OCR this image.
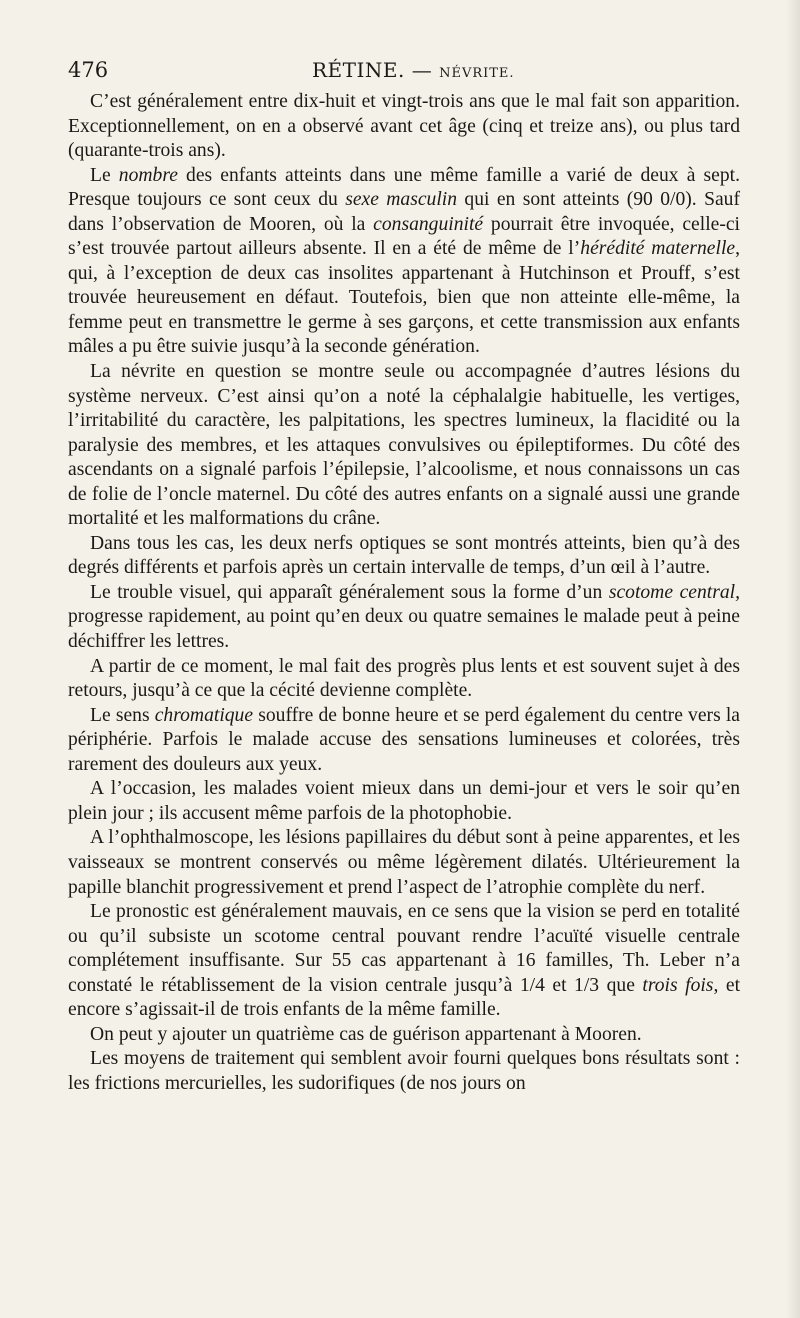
476	RÉTINE. — NÉVRITE.

C’est généralement entre dix-huit et vingt-trois ans que le mal fait son apparition. Exceptionnellement, on en a observé avant cet âge (cinq et treize ans), ou plus tard (quarante-trois ans).

Le nombre des enfants atteints dans une même famille a varié de deux à sept. Presque toujours ce sont ceux du sexe masculin qui en sont atteints (90 0/0). Sauf dans l’observation de Mooren, où la consanguinité pourrait être invoquée, celle-ci s’est trouvée partout ailleurs absente. Il en a été de même de l’hérédité maternelle, qui, à l’exception de deux cas insolites appartenant à Hutchinson et Prouff, s’est trouvée heureusement en défaut. Toutefois, bien que non atteinte elle-même, la femme peut en transmettre le germe à ses garçons, et cette transmission aux enfants mâles a pu être suivie jusqu’à la seconde génération.

La névrite en question se montre seule ou accompagnée d’autres lésions du système nerveux. C’est ainsi qu’on a noté la céphalalgie habituelle, les vertiges, l’irritabilité du caractère, les palpitations, les spectres lumineux, la flacidité ou la paralysie des membres, et les attaques convulsives ou épileptiformes. Du côté des ascendants on a signalé parfois l’épilepsie, l’alcoolisme, et nous connaissons un cas de folie de l’oncle maternel. Du côté des autres enfants on a signalé aussi une grande mortalité et les malformations du crâne.

Dans tous les cas, les deux nerfs optiques se sont montrés atteints, bien qu’à des degrés différents et parfois après un certain intervalle de temps, d’un œil à l’autre.

Le trouble visuel, qui apparaît généralement sous la forme d’un scotome central, progresse rapidement, au point qu’en deux ou quatre semaines le malade peut à peine déchiffrer les lettres.

A partir de ce moment, le mal fait des progrès plus lents et est souvent sujet à des retours, jusqu’à ce que la cécité devienne complète.

Le sens chromatique souffre de bonne heure et se perd également du centre vers la périphérie. Parfois le malade accuse des sensations lumineuses et colorées, très rarement des douleurs aux yeux.

A l’occasion, les malades voient mieux dans un demi-jour et vers le soir qu’en plein jour ; ils accusent même parfois de la photophobie.

A l’ophthalmoscope, les lésions papillaires du début sont à peine apparentes, et les vaisseaux se montrent conservés ou même légèrement dilatés. Ultérieurement la papille blanchit progressivement et prend l’aspect de l’atrophie complète du nerf.

Le pronostic est généralement mauvais, en ce sens que la vision se perd en totalité ou qu’il subsiste un scotome central pouvant rendre l’acuïté visuelle centrale complétement insuffisante. Sur 55 cas appartenant à 16 familles, Th. Leber n’a constaté le rétablissement de la vision centrale jusqu’à 1/4 et 1/3 que trois fois, et encore s’agissait-il de trois enfants de la même famille.

On peut y ajouter un quatrième cas de guérison appartenant à Mooren.

Les moyens de traitement qui semblent avoir fourni quelques bons résultats sont : les frictions mercurielles, les sudorifiques (de nos jours on
